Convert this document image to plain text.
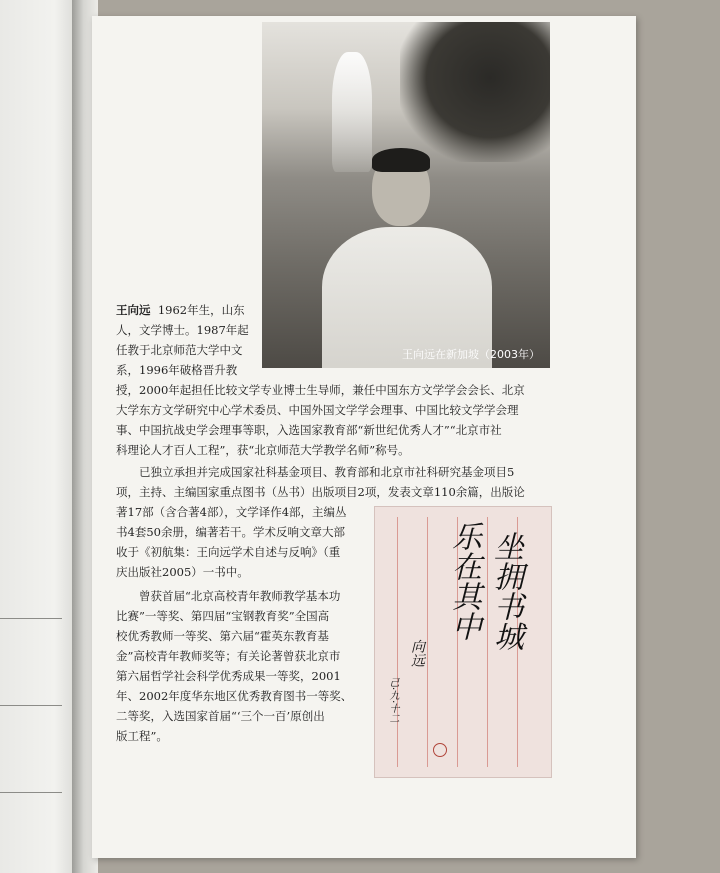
王向远在新加坡（2003年）

王向远 1962年生，山东

人，文学博士。1987年起

任教于北京师范大学中文

系，1996年破格晋升教

授，2000年起担任比较文学专业博士生导师，兼任中国东方文学学会会长、北京

大学东方文学研究中心学术委员、中国外国文学学会理事、中国比较文学学会理

事、中国抗战史学会理事等职，入选国家教育部“新世纪优秀人才”“北京市社

科理论人才百人工程”，获“北京师范大学教学名师”称号。

已独立承担并完成国家社科基金项目、教育部和北京市社科研究基金项目5

项，主持、主编国家重点图书（丛书）出版项目2项，发表文章110余篇，出版论

著17部（含合著4部），文学译作4部，主编丛

书4套50余册，编著若干。学术反响文章大部

收于《初航集：王向远学术自述与反响》（重

庆出版社2005）一书中。

曾获首届“北京高校青年教师教学基本功

比赛”一等奖、第四届“宝钢教育奖”全国高

校优秀教师一等奖、第六届“霍英东教育基

金”高校青年教师奖等；有关论著曾获北京市

第六届哲学社会科学优秀成果一等奖，2001

年、2002年度华东地区优秀教育图书一等奖、

二等奖，入选国家首届“‘三个一百’原创出

版工程”。

坐拥书城
乐在其中
向远
己·九·十二
